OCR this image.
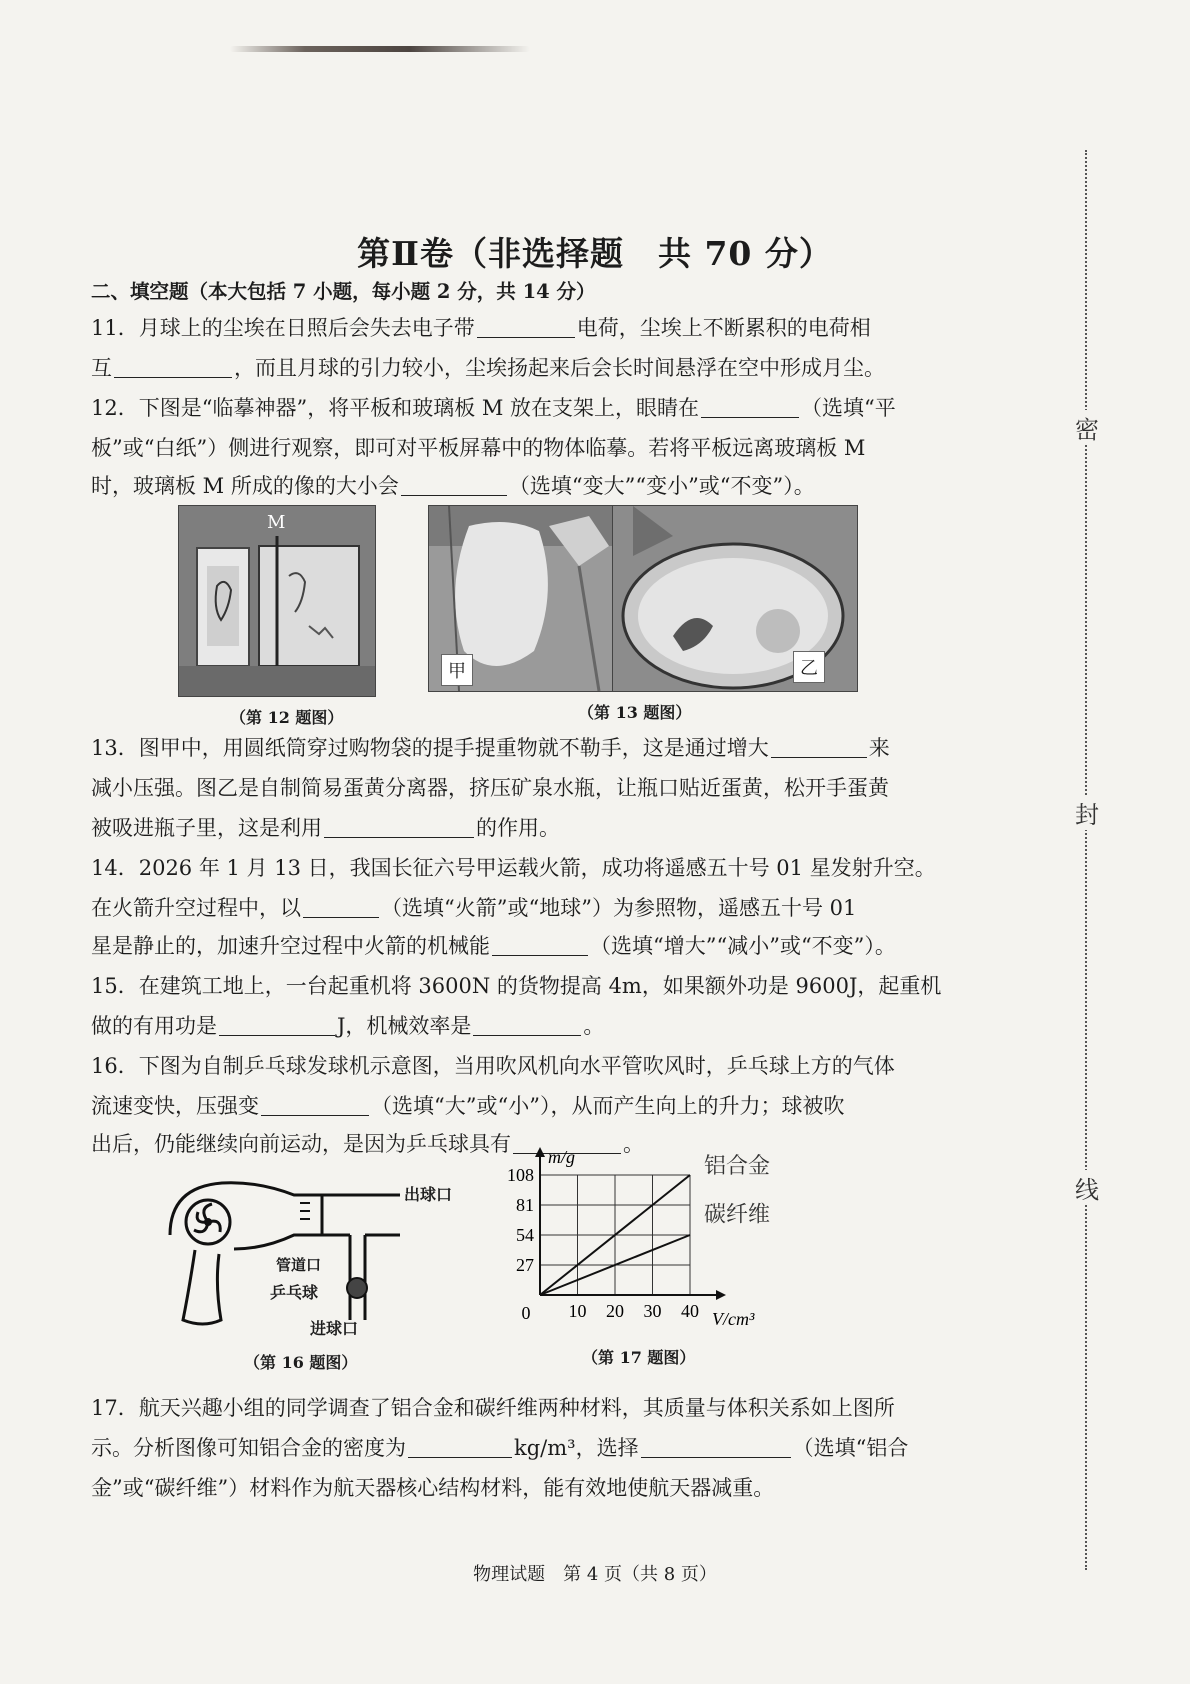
密
封
线
第Ⅱ卷（非选择题　共 70 分）
二、填空题（本大包括 7 小题，每小题 2 分，共 14 分）
11．月球上的尘埃在日照后会失去电子带	电荷，尘埃上不断累积的电荷相
互	，而且月球的引力较小，尘埃扬起来后会长时间悬浮在空中形成月尘。
12．下图是“临摹神器”，将平板和玻璃板 M 放在支架上，眼睛在	（选填“平
板”或“白纸”）侧进行观察，即可对平板屏幕中的物体临摹。若将平板远离玻璃板 M
时，玻璃板 M 所成的像的大小会	（选填“变大”“变小”或“不变”）。
M
（第 12 题图）
甲	乙
（第 13 题图）
13．图甲中，用圆纸筒穿过购物袋的提手提重物就不勒手，这是通过增大	来
减小压强。图乙是自制简易蛋黄分离器，挤压矿泉水瓶，让瓶口贴近蛋黄，松开手蛋黄
被吸进瓶子里，这是利用	的作用。
14．2026 年 1 月 13 日，我国长征六号甲运载火箭，成功将遥感五十号 01 星发射升空。
在火箭升空过程中，以	（选填“火箭”或“地球”）为参照物，遥感五十号 01
星是静止的，加速升空过程中火箭的机械能	（选填“增大”“减小”或“不变”）。
15．在建筑工地上，一台起重机将 3600N 的货物提高 4m，如果额外功是 9600J，起重机
做的有用功是	J，机械效率是	。
16．下图为自制乒乓球发球机示意图，当用吹风机向水平管吹风时，乒乓球上方的气体
流速变快，压强变	（选填“大”或“小”），从而产生向上的升力；球被吹
出后，仍能继续向前运动，是因为乒乓球具有	。
出球口
管道口
乒乓球
进球口
（第 16 题图）
10 20 30 40
27
54
81
108
0
m/g
V/cm³
铝合金
碳纤维
（第 17 题图）
17．航天兴趣小组的同学调查了铝合金和碳纤维两种材料，其质量与体积关系如上图所
示。分析图像可知铝合金的密度为	kg/m³，选择	（选填“铝合
金”或“碳纤维”）材料作为航天器核心结构材料，能有效地使航天器减重。
物理试题　第 4 页（共 8 页）
